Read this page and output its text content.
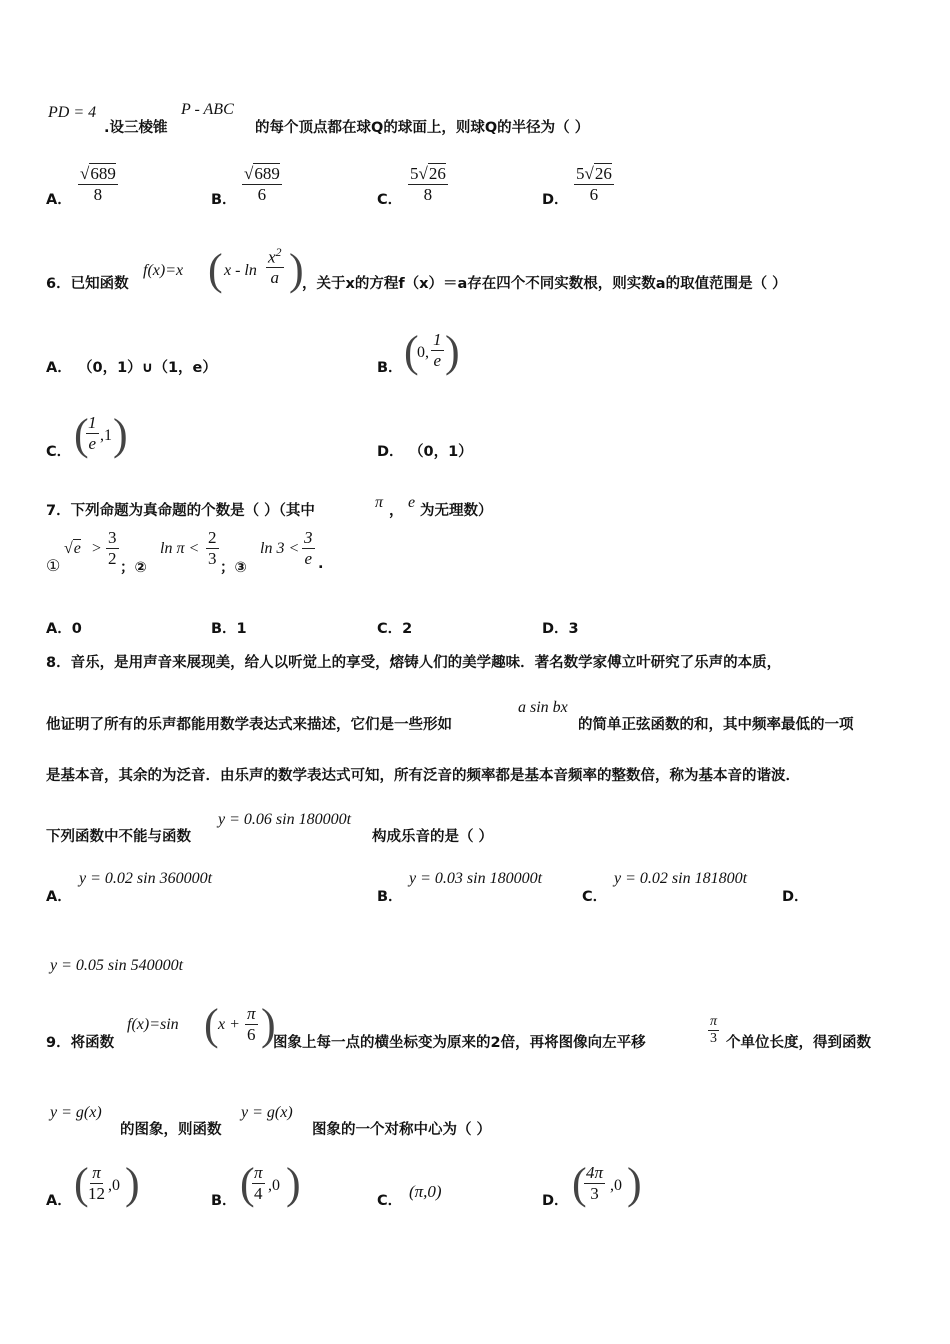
PD = 4
.设三棱锥
P - ABC
的每个顶点都在球Q的球面上，则球Q的半径为（ ）
A． $\frac{√689}{8}$	B． $\frac{√689}{6}$	C． $\frac{5√26}{8}$	D． $\frac{5√26}{6}$
6．已知函数
f(x)=x ( x - $\ln \frac{x^2}{a}$ )
，关于x的方程f（x）＝a存在四个不同实数根，则实数a的取值范围是（ ）
A． （0，1）∪（1，e）	B． (
0, $\frac{1}{e}$ )
C． (
$\frac{1}{e} ,1$ )	D． （0，1）
7．下列命题为真命题的个数是（ ）（其中	π ， e 为无理数）
①
$√e > \frac{3}{2}$ ；②
$\ln \pi < \frac{2}{3}$ ；③
$\ln 3 < \frac{3}{e}$ .
A．0	B．1	C．2	D．3
8．音乐，是用声音来展现美，给人以听觉上的享受，熔铸人们的美学趣味．著名数学家傅立叶研究了乐声的本质，
他证明了所有的乐声都能用数学表达式来描述，它们是一些形如
a sin bx
的简单正弦函数的和，其中频率最低的一项
是基本音，其余的为泛音．由乐声的数学表达式可知，所有泛音的频率都是基本音频率的整数倍，称为基本音的谐波．
下列函数中不能与函数
y = 0.06 sin 180000t
构成乐音的是（ ）
A．
y = 0.02 sin 360000t
B．
y = 0.03 sin 180000t
C．
y = 0.02 sin 181800t
D．
y = 0.05 sin 540000t
9．将函数
f(x)=sin ( $x + \frac{\pi}{6}$ )
图象上每一点的横坐标变为原来的2倍，再将图像向左平移	$\frac{\pi}{3}$ 个单位长度，得到函数
y = g(x)
的图象，则函数
y = g(x)
图象的一个对称中心为（ ）
A． (
$\frac{\pi}{12} ,0$ )	B． (
$\frac{\pi}{4} ,0$ )	C． (π,0)	D． (
$\frac{4\pi}{3} ,0$ )
